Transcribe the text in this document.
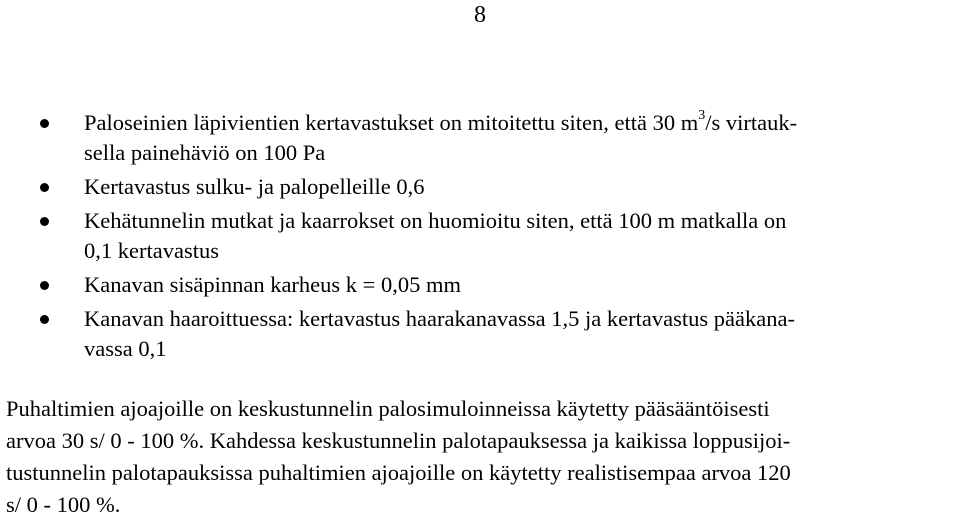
8
Paloseinien läpivientien kertavastukset on mitoitettu siten, että 30 $m^3/s$ virtauk-
sella painehäviö on 100 Pa
Kertavastus sulku- ja palopelleille 0,6
Kehätunnelin mutkat ja kaarrokset on huomioitu siten, että 100 m matkalla on
0,1 kertavastus
Kanavan sisäpinnan karheus k = 0,05 mm
Kanavan haaroittuessa: kertavastus haarakanavassa 1,5 ja kertavastus pääkana-
vassa 0,1
Puhaltimien ajoajoille on keskustunnelin palosimuloinneissa käytetty pääsääntöisesti
arvoa 30 s/ 0 - 100 %. Kahdessa keskustunnelin palotapauksessa ja kaikissa loppusijoi-
tustunnelin palotapauksissa puhaltimien ajoajoille on käytetty realistisempaa arvoa 120
s/ 0 - 100 %.
